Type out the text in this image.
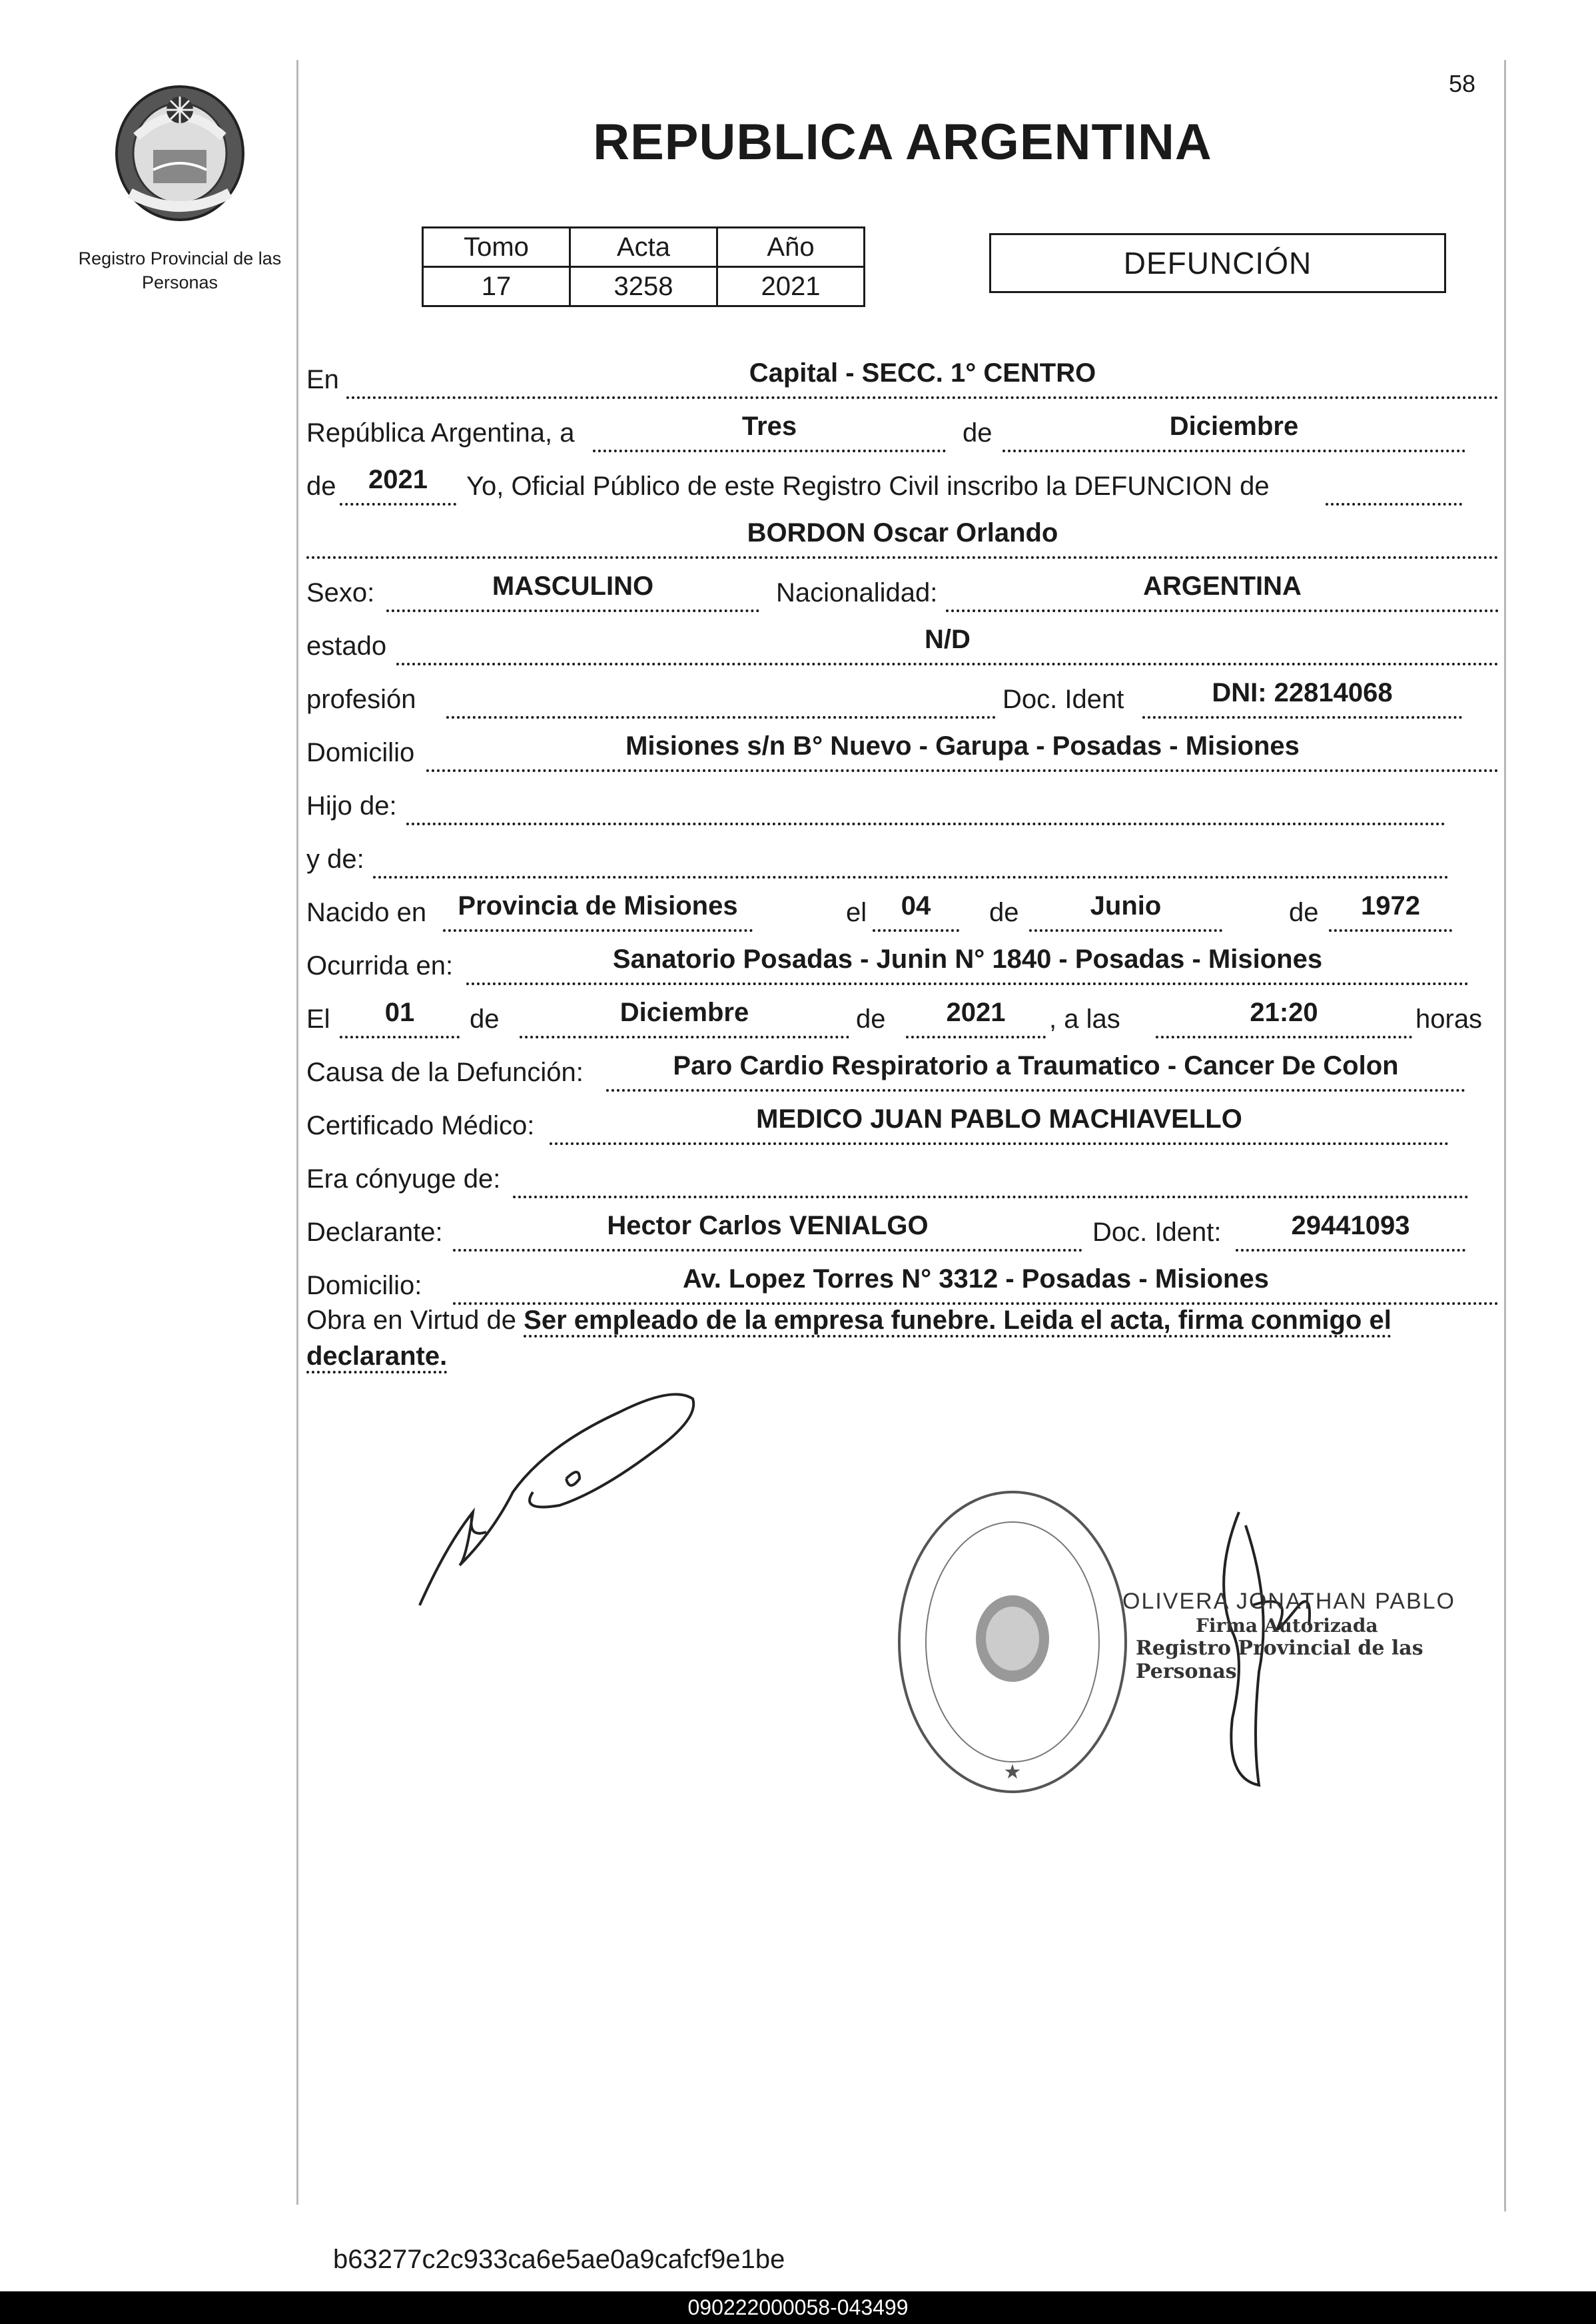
Registro Provincial de las Personas
58
REPUBLICA ARGENTINA
Tomo	Acta	Año
17	3258	2021
DEFUNCIÓN
En	Capital - SECC. 1° CENTRO
República Argentina, a	Tres	de	Diciembre
de	2021	Yo, Oficial Público de este Registro Civil inscribo la DEFUNCION de
BORDON Oscar Orlando
Sexo:	MASCULINO	Nacionalidad:	ARGENTINA
estado	N/D
profesión	Doc. Ident	DNI: 22814068
Domicilio	Misiones s/n B° Nuevo - Garupa - Posadas - Misiones
Hijo de:
y de:
Nacido en	Provincia de Misiones	el	04	de	Junio	de	1972
Ocurrida en:	Sanatorio Posadas - Junin N° 1840 - Posadas - Misiones
El	01	de	Diciembre	de	2021	, a las	21:20	horas
Causa de la Defunción:	Paro Cardio Respiratorio a Traumatico - Cancer De Colon
Certificado Médico:	MEDICO JUAN PABLO MACHIAVELLO
Era cónyuge de:
Declarante:	Hector Carlos VENIALGO	Doc. Ident:	29441093
Domicilio:	Av. Lopez Torres N° 3312 - Posadas - Misiones
Obra en Virtud de Ser empleado de la empresa funebre. Leida el acta, firma conmigo el declarante.
★
OLIVERA JONATHAN PABLO
Firma Autorizada
Registro Provincial de las Personas
b63277c2c933ca6e5ae0a9cafcf9e1be
090222000058-043499
